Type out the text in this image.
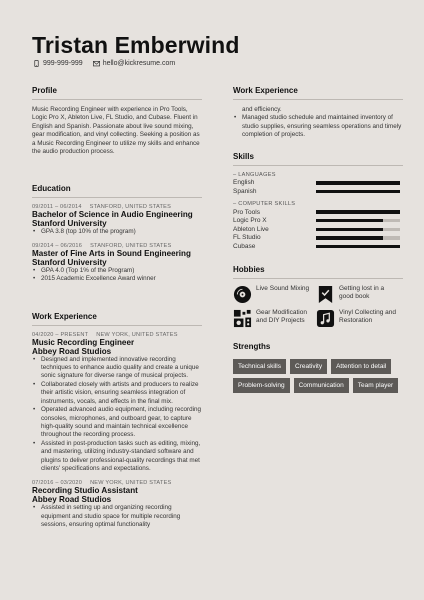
Tristan Emberwind
999-999-999	hello@kickresume.com
Profile
Music Recording Engineer with experience in Pro Tools, Logic Pro X, Ableton Live, FL Studio, and Cubase. Fluent in English and Spanish. Passionate about live sound mixing, gear modification, and vinyl collecting. Seeking a position as a Music Recording Engineer to utilize my skills and enhance the audio production process.
Education
09/2011 – 06/2014 STANFORD, UNITED STATES
Bachelor of Science in Audio Engineering
Stanford University
• GPA 3.8 (top 10% of the program)
09/2014 – 06/2016 STANFORD, UNITED STATES
Master of Fine Arts in Sound Engineering
Stanford University
• GPA 4.0 (Top 1% of the Program)
• 2015 Academic Excellence Award winner
Work Experience
04/2020 – PRESENT NEW YORK, UNITED STATES
Music Recording Engineer
Abbey Road Studios
• Designed and implemented innovative recording techniques to enhance audio quality and create a unique sonic signature for diverse range of musical projects.
• Collaborated closely with artists and producers to realize their artistic vision, ensuring seamless integration of instruments, vocals, and effects in the final mix.
• Operated advanced audio equipment, including recording consoles, microphones, and outboard gear, to capture high-quality sound and maintain technical excellence throughout the recording process.
• Assisted in post-production tasks such as editing, mixing, and mastering, utilizing industry-standard software and plugins to deliver professional-quality recordings that met clients' specifications and expectations.
07/2016 – 03/2020 NEW YORK, UNITED STATES
Recording Studio Assistant
Abbey Road Studios
• Assisted in setting up and organizing recording equipment and studio space for multiple recording sessions, ensuring optimal functionality
Work Experience
and efficiency.
• Managed studio schedule and maintained inventory of studio supplies, ensuring seamless operations and timely completion of projects.
Skills
– LANGUAGES
English
Spanish
– COMPUTER SKILLS
Pro Tools
Logic Pro X
Ableton Live
FL Studio
Cubase
Hobbies
Live Sound Mixing	Getting lost in a good book
Gear Modification and DIY Projects
Vinyl Collecting and Restoration
Strengths
Technical skills	Creativity	Attention to detail
Problem-solving	Communication	Team player
